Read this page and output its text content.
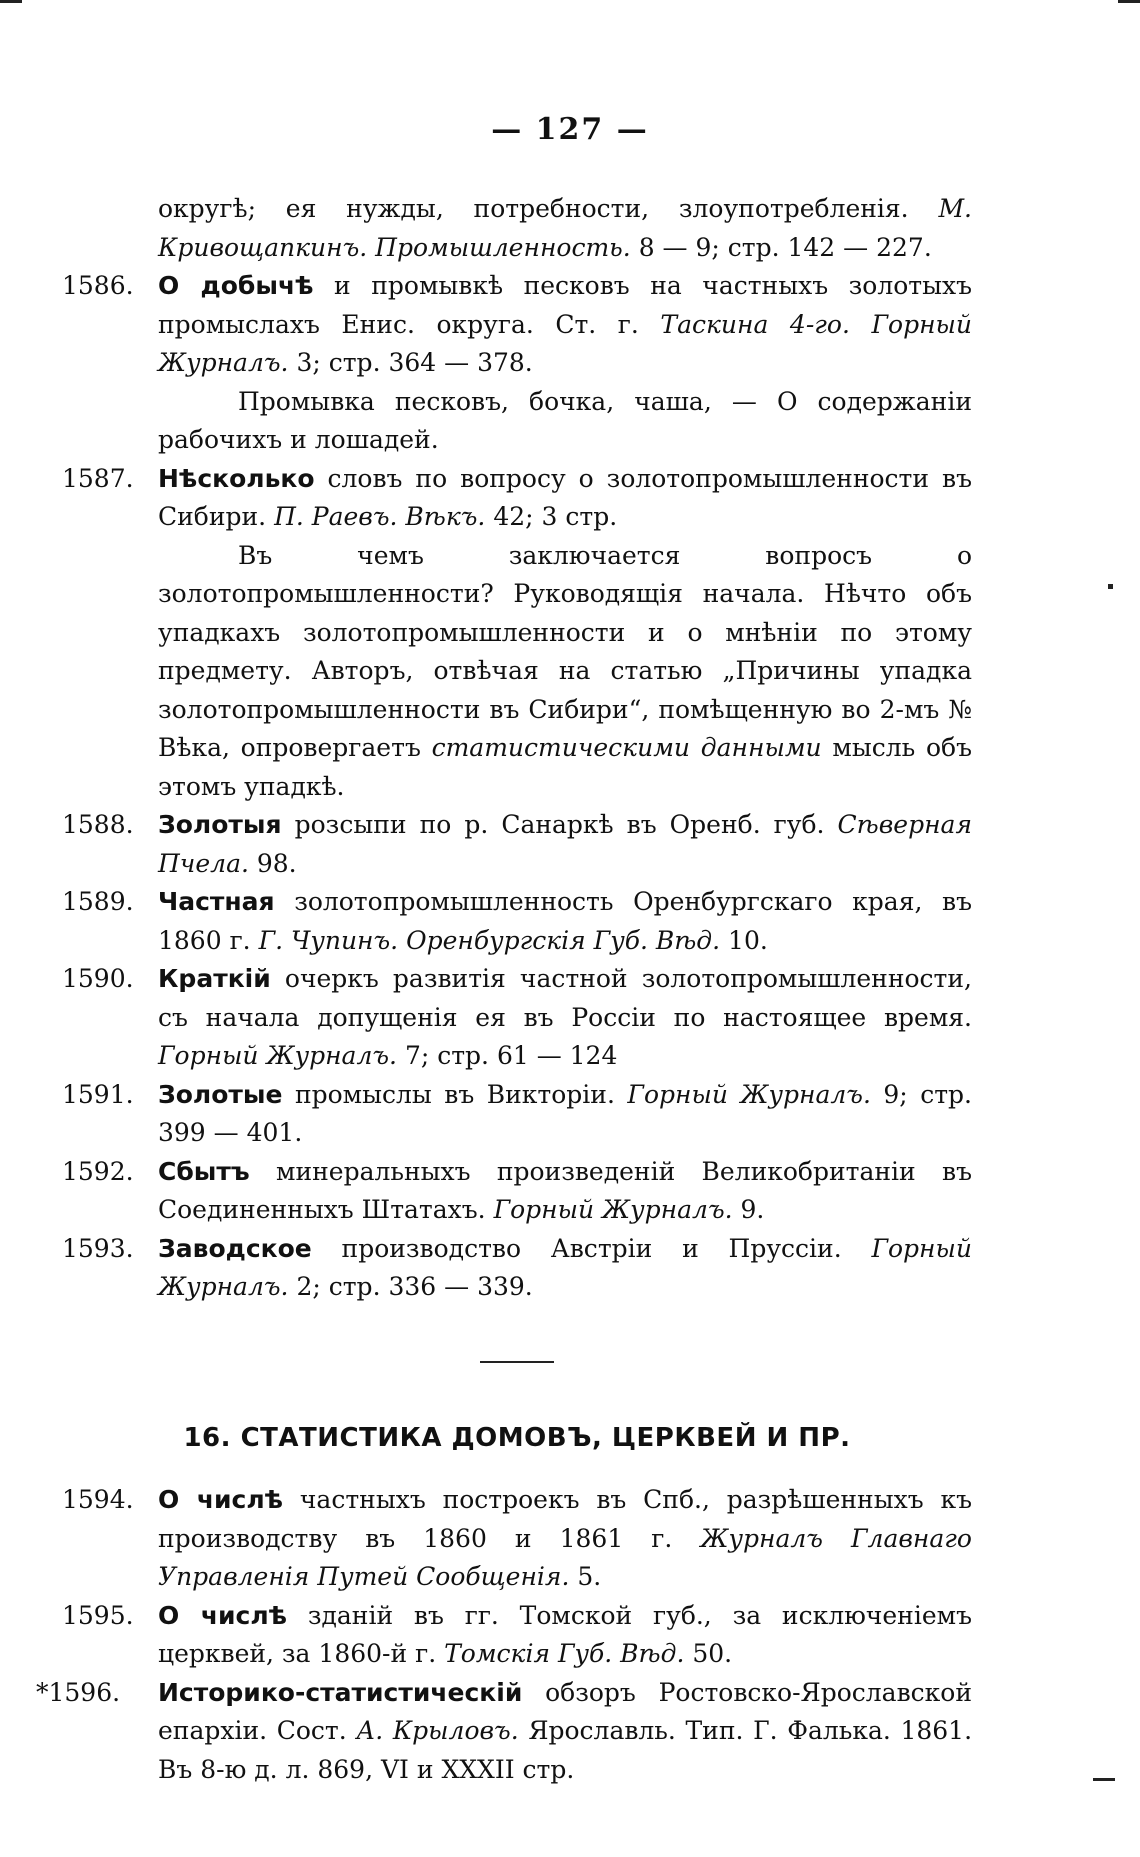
— 127 —
округѣ; ея нужды, потребности, злоупотребленія. М. Кривощапкинъ. Промышленность. 8 — 9; стр. 142 — 227.
1586. О добычѣ и промывкѣ песковъ на частныхъ золотыхъ промыслахъ Енис. округа. Ст. г. Таскина 4-го. Горный Журналъ. 3; стр. 364 — 378.
Промывка песковъ, бочка, чаша, — О содержаніи рабочихъ и лошадей.
1587. Нѣсколько словъ по вопросу о золотопромышленности въ Сибири. П. Раевъ. Вѣкъ. 42; 3 стр.
Въ чемъ заключается вопросъ о золотопромышленности? Руководящія начала. Нѣчто объ упадкахъ золотопромышленности и о мнѣніи по этому предмету. Авторъ, отвѣчая на статью „Причины упадка золотопромышленности въ Сибири“, помѣщенную во 2-мъ № Вѣка, опровергаетъ статистическими данными мысль объ этомъ упадкѣ.
1588. Золотыя розсыпи по р. Санаркѣ въ Оренб. губ. Сѣверная Пчела. 98.
1589. Частная золотопромышленность Оренбургскаго края, въ 1860 г. Г. Чупинъ. Оренбургскія Губ. Вѣд. 10.
1590. Краткій очеркъ развитія частной золотопромышленности, съ начала допущенія ея въ Россіи по настоящее время. Горный Журналъ. 7; стр. 61 — 124
1591. Золотые промыслы въ Викторіи. Горный Журналъ. 9; стр. 399 — 401.
1592. Сбытъ минеральныхъ произведеній Великобританіи въ Соединенныхъ Штатахъ. Горный Журналъ. 9.
1593. Заводское производство Австріи и Пруссіи. Горный Журналъ. 2; стр. 336 — 339.
16. СТАТИСТИКА ДОМОВЪ, ЦЕРКВЕЙ И ПР.
1594. О числѣ частныхъ построекъ въ Спб., разрѣшенныхъ къ производству въ 1860 и 1861 г. Журналъ Главнаго Управленія Путей Сообщенія. 5.
1595. О числѣ зданій въ гг. Томской губ., за исключеніемъ церквей, за 1860-й г. Томскія Губ. Вѣд. 50.
*1596.	Историко-статистическій обзоръ Ростовско-Ярославской епархіи. Сост. А. Крыловъ. Ярославль. Тип. Г. Фалька. 1861. Въ 8-ю д. л. 869, VI и XXXII стр.
